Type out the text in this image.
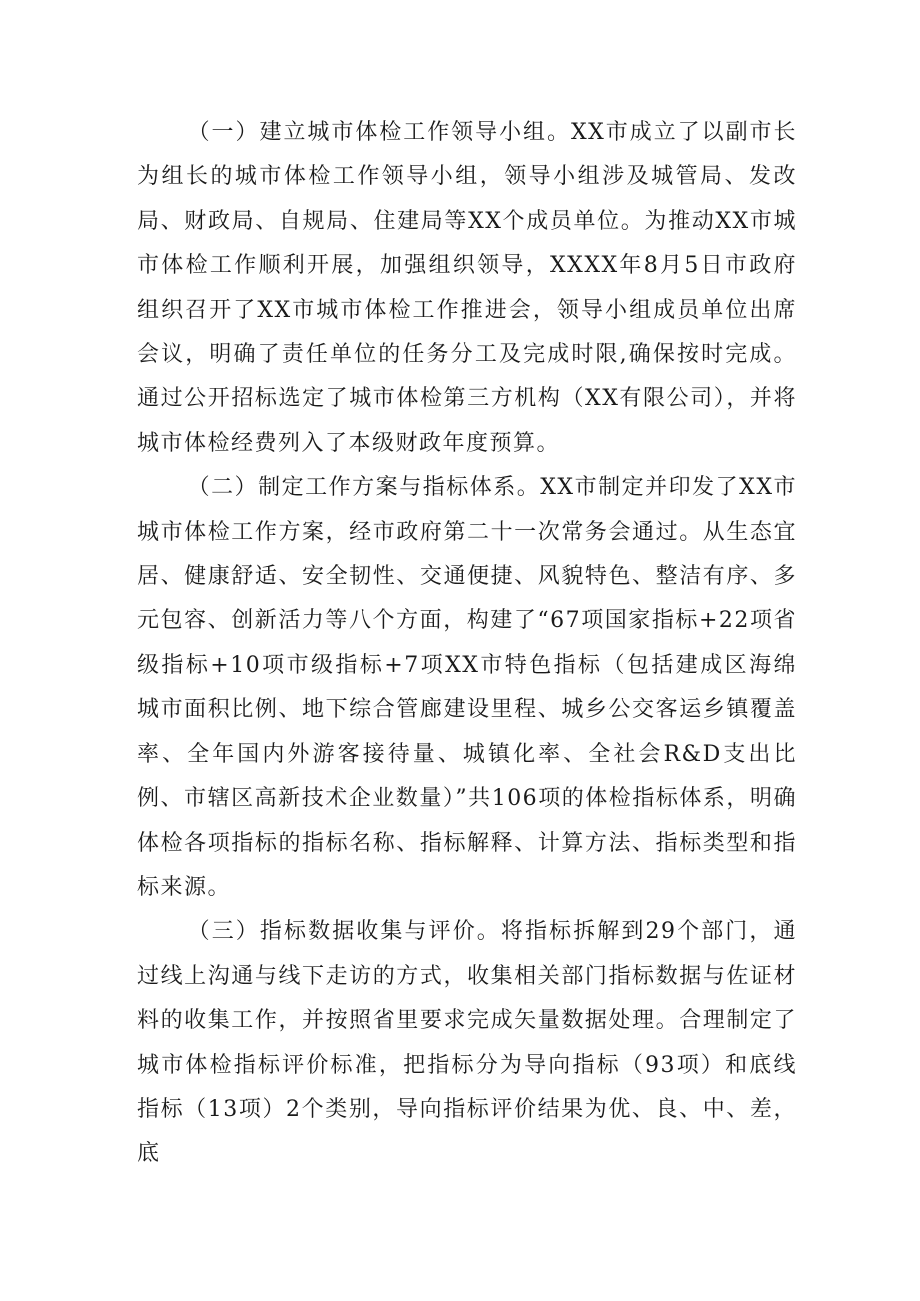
（一）建立城市体检工作领导小组。XX市成立了以副市长为组长的城市体检工作领导小组，领导小组涉及城管局、发改局、财政局、自规局、住建局等XX个成员单位。为推动XX市城市体检工作顺利开展，加强组织领导，XXXX年8月5日市政府组织召开了XX市城市体检工作推进会，领导小组成员单位出席会议，明确了责任单位的任务分工及完成时限,确保按时完成。通过公开招标选定了城市体检第三方机构（XX有限公司），并将城市体检经费列入了本级财政年度预算。

（二）制定工作方案与指标体系。XX市制定并印发了XX市城市体检工作方案，经市政府第二十一次常务会通过。从生态宜居、健康舒适、安全韧性、交通便捷、风貌特色、整洁有序、多元包容、创新活力等八个方面，构建了“67项国家指标+22项省级指标+10项市级指标+7项XX市特色指标（包括建成区海绵城市面积比例、地下综合管廊建设里程、城乡公交客运乡镇覆盖率、全年国内外游客接待量、城镇化率、全社会R&D支出比例、市辖区高新技术企业数量）”共106项的体检指标体系，明确体检各项指标的指标名称、指标解释、计算方法、指标类型和指标来源。

（三）指标数据收集与评价。将指标拆解到29个部门，通过线上沟通与线下走访的方式，收集相关部门指标数据与佐证材料的收集工作，并按照省里要求完成矢量数据处理。合理制定了城市体检指标评价标准，把指标分为导向指标（93项）和底线指标（13项）2个类别，导向指标评价结果为优、良、中、差，底
